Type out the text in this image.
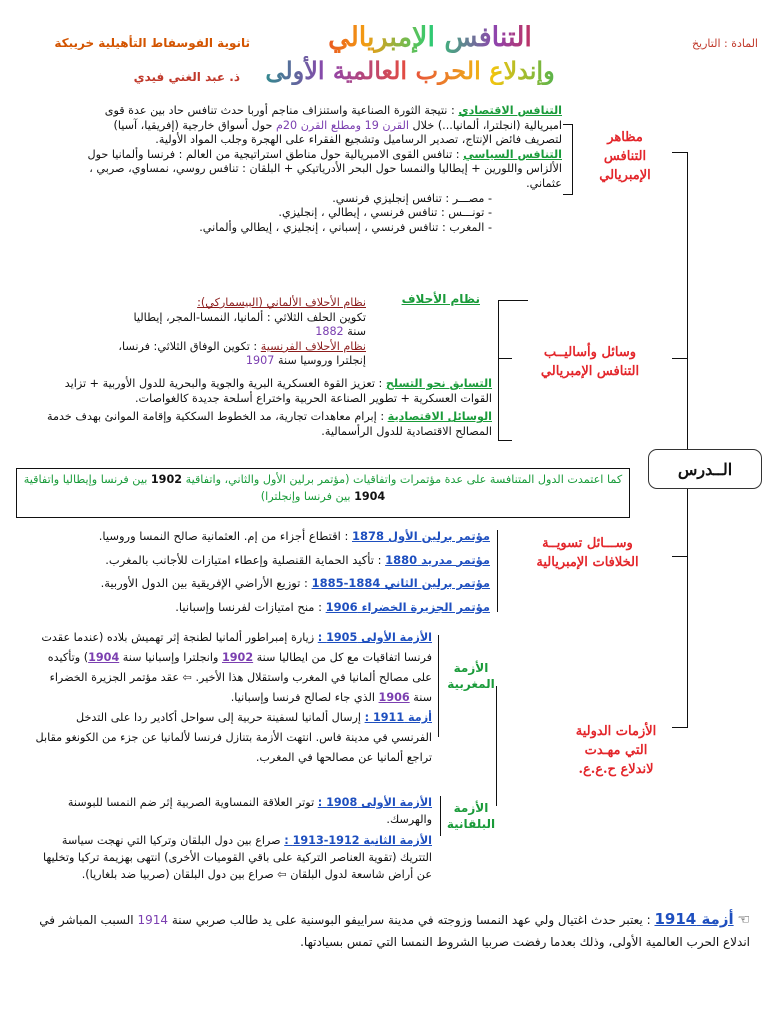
المادة : التاريخ
التنافس الإمبريالي
وإندلاع الحرب العالمية الأولى
ثانوية الفوسفاط التأهيلية خريبكة
ذ. عبد الغني فيدي
مظاهر
التنافس
الإمبريالي
وسائل وأساليــب
التنافس الإمبريالي
وســـائل تسويــة
الخلافات الإمبريالية
الأزمات الدولية
التي مهـدت
لاندلاع ح.ع.ع.
الأزمة
المغربية
الأزمة
البلقانية
نظام الأحلاف
الــدرس

التنافس الاقتصادي : نتيجة الثورة الصناعية واستنزاف مناجم أوربا حدث تنافس حاد بين عدة قوى امبريالية (انجلترا، ألمانيا...) خلال القرن 19 ومطلع القرن 20م حول أسواق خارجية (إفريقيا، آسيا) لتصريف فائض الإنتاج، تصدير الرساميل وتشجيع الفقراء على الهجرة وجلب المواد الأولية.

التنافس السياسي : تنافس القوى الامبريالية حول مناطق استراتيجية من العالم : فرنسا وألمانيا حول الألزاس واللورين + إيطاليا والنمسا حول البحر الأدرياتيكي + البلقان : تنافس روسي، نمساوي، صربي ، عثماني.

- مصـــر : تنافس إنجليزي فرنسي.

- تونـــس : تنافس فرنسي ، إيطالي ، إنجليزي.

- المغرب : تنافس فرنسي ، إسباني ، إنجليزي ، إيطالي وألماني.

نظام الأحلاف الألماني (البيسماركي):

تكوين الحلف الثلاثي : ألمانيا، النمسا-المجر، إيطاليا سنة 1882

نظام الأحلاف الفرنسية : تكوين الوفاق الثلاثي: فرنسا، إنجلترا وروسيا سنة 1907

التسابق نحو التسلح : تعزيز القوة العسكرية البرية والجوية والبحرية للدول الأوربية + تزايد القوات العسكرية + تطوير الصناعة الحربية واختراع أسلحة جديدة كالغواصات.

الوسائل الاقتصادية : إبرام معاهدات تجارية، مد الخطوط السككية وإقامة الموانئ بهدف خدمة المصالح الاقتصادية للدول الرأسمالية.

كما اعتمدت الدول المتنافسة على عدة مؤتمرات واتفاقيات (مؤتمر برلين الأول والثاني، واتفاقية 1902 بين فرنسا وإيطاليا واتفاقية 1904 بين فرنسا وإنجلترا)
مؤتمر برلين الأول 1878 : اقتطاع أجزاء من إم. العثمانية صالح النمسا وروسيا.
مؤتمر مدريد 1880 : تأكيد الحماية القنصلية وإعطاء امتيازات للأجانب بالمغرب.
مؤتمر برلين الثاني 1884-1885 : توزيع الأراضي الإفريقية بين الدول الأوربية.
مؤتمر الجزيرة الخضراء 1906 : منح امتيازات لفرنسا وإسبانيا.

الأزمة الأولى 1905 : زيارة إمبراطور ألمانيا لطنجة إثر تهميش بلاده (عندما عقدت فرنسا اتفاقيات مع كل من ايطاليا سنة 1902 وانجلترا وإسبانيا سنة 1904) وتأكيده على مصالح ألمانيا في المغرب واستقلال هذا الأخير. ⇦ عقد مؤتمر الجزيرة الخضراء سنة 1906 الذي جاء لصالح فرنسا وإسبانيا.

أزمة 1911 : إرسال ألمانيا لسفينة حربية إلى سواحل أكادير ردا على التدخل الفرنسي في مدينة فاس. انتهت الأزمة بتنازل فرنسا لألمانيا عن جزء من الكونغو مقابل تراجع ألمانيا عن مصالحها في المغرب.

الأزمة الأولى 1908 : توتر العلاقة النمساوية الصربية إثر ضم النمسا للبوسنة والهرسك.

الأزمة الثانية 1912-1913 : صراع بين دول البلقان وتركيا التي نهجت سياسة التتريك (تقوية العناصر التركية على باقي القوميات الأخرى) انتهى بهزيمة تركيا وتخليها عن أراض شاسعة لدول البلقان ⇦ صراع بين دول البلقان (صربيا ضد بلغاريا).

☜ أزمة 1914 : يعتبر حدث اغتيال ولي عهد النمسا وزوجته في مدينة سراييفو البوسنية على يد طالب صربي سنة 1914 السبب المباشر في اندلاع الحرب العالمية الأولى، وذلك بعدما رفضت صربيا الشروط النمسا التي تمس بسيادتها.
